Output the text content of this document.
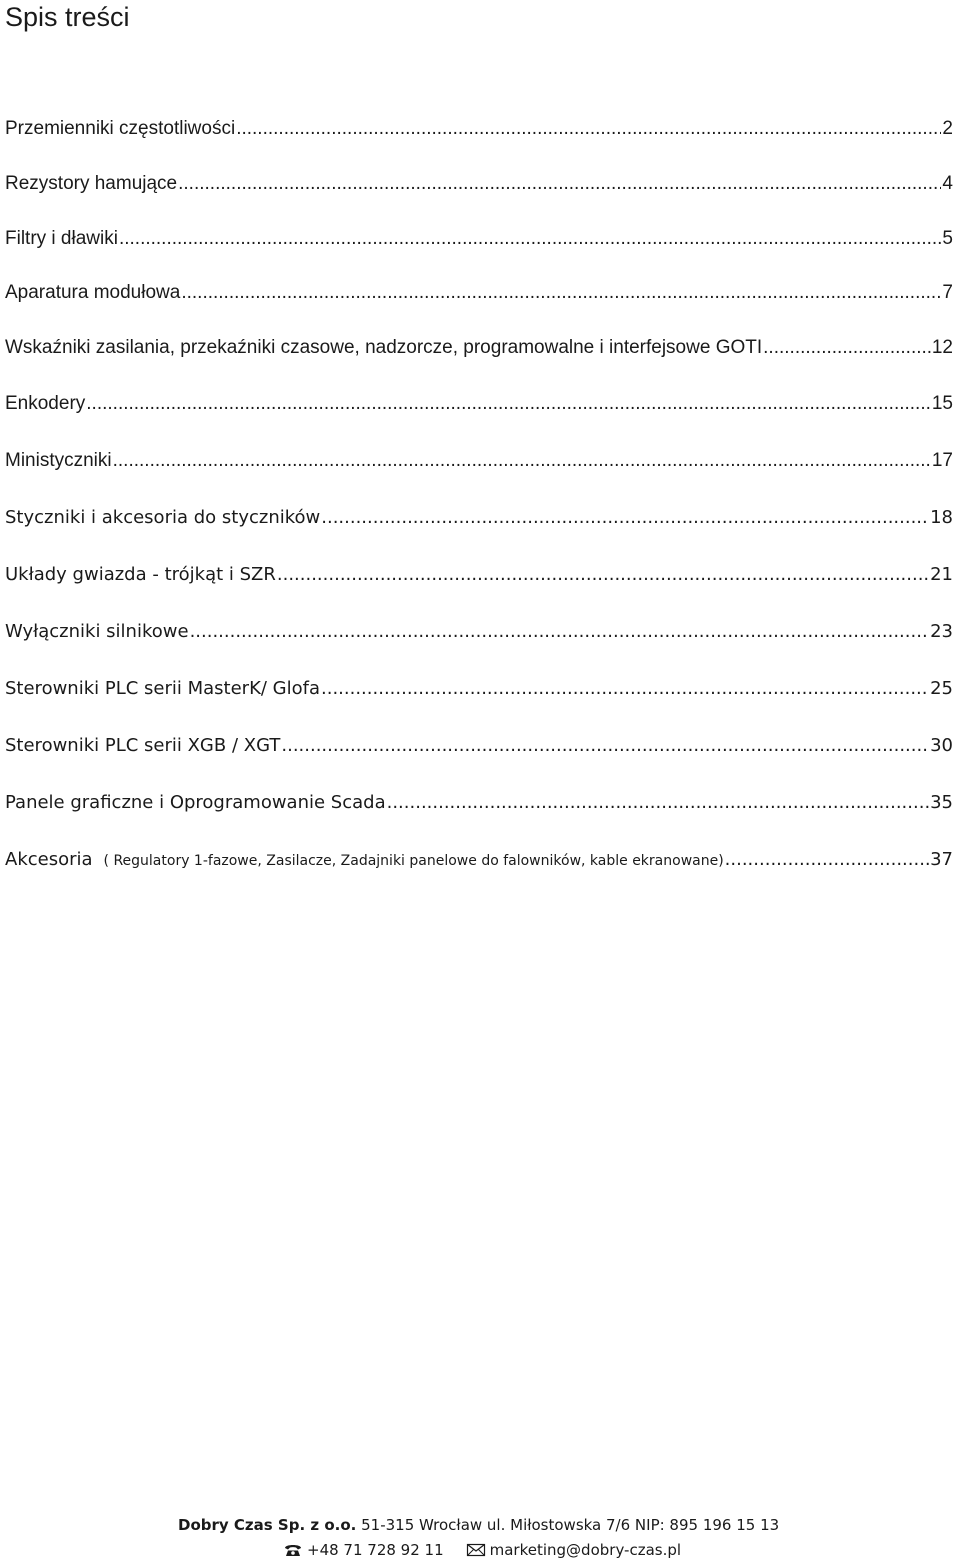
Spis treści
Przemienniki częstotliwości .....	2
Rezystory hamujące .....	4
Filtry i dławiki .....	5
Aparatura modułowa .....	7
Wskaźniki zasilania, przekaźniki czasowe, nadzorcze, programowalne i interfejsowe GOTI .....	12
Enkodery .....	15
Ministyczniki .....	17
Styczniki i akcesoria do styczników .....	18
Układy gwiazda - trójkąt i SZR .....	21
Wyłączniki silnikowe .....	23
Sterowniki PLC serii MasterK/ Glofa .....	25
Sterowniki PLC serii XGB / XGT .....	30
Panele graficzne i Oprogramowanie Scada .....	35
Akcesoria ( Regulatory 1-fazowe, Zasilacze, Zadajniki panelowe do falowników, kable ekranowane) .....	37
Dobry Czas Sp. z o.o. 51-315 Wrocław ul. Miłostowska 7/6 NIP: 895 196 15 13
+48 71 728 92 11	marketing@dobry-czas.pl
